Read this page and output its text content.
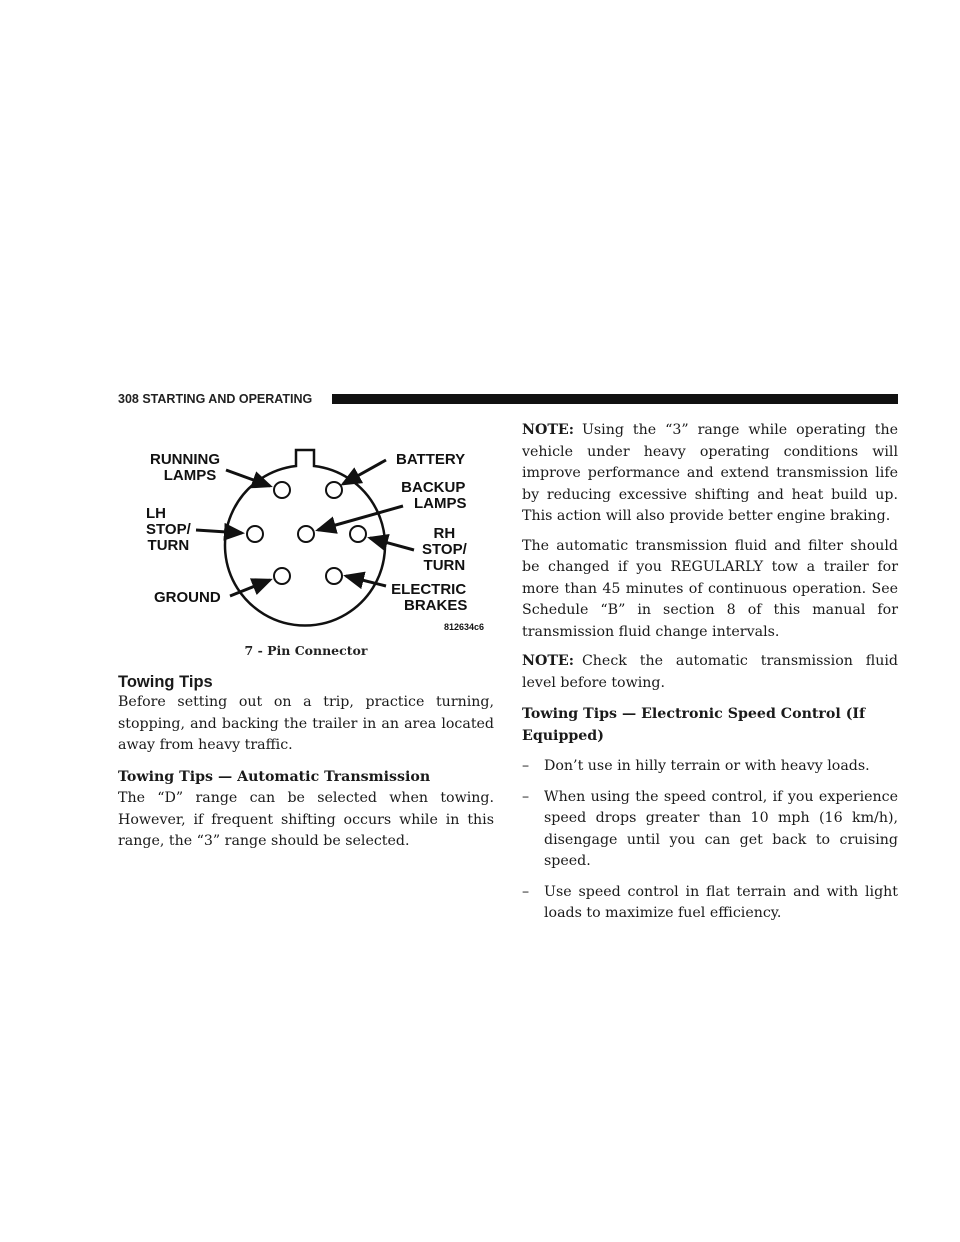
308 STARTING AND OPERATING
RUNNING
LAMPS
LH
STOP/
TURN
GROUND
BATTERY
BACKUP
LAMPS
RH
STOP/
TURN
ELECTRIC
BRAKES
812634c6
7 - Pin Connector
Towing Tips

Before setting out on a trip, practice turning, stopping, and backing the trailer in an area located away from heavy traffic.

Towing Tips — Automatic Transmission

The “D” range can be selected when towing. However, if frequent shifting occurs while in this range, the “3” range should be selected.

NOTE: Using the “3” range while operating the vehicle under heavy operating conditions will improve performance and extend transmission life by reducing excessive shifting and heat build up. This action will also provide better engine braking.

The automatic transmission fluid and filter should be changed if you REGULARLY tow a trailer for more than 45 minutes of continuous operation. See Schedule “B” in section 8 of this manual for transmission fluid change intervals.

NOTE: Check the automatic transmission fluid level before towing.

Towing Tips — Electronic Speed Control (If Equipped)
– Don’t use in hilly terrain or with heavy loads.
– When using the speed control, if you experience speed drops greater than 10 mph (16 km/h), disengage until you can get back to cruising speed.
– Use speed control in flat terrain and with light loads to maximize fuel efficiency.
